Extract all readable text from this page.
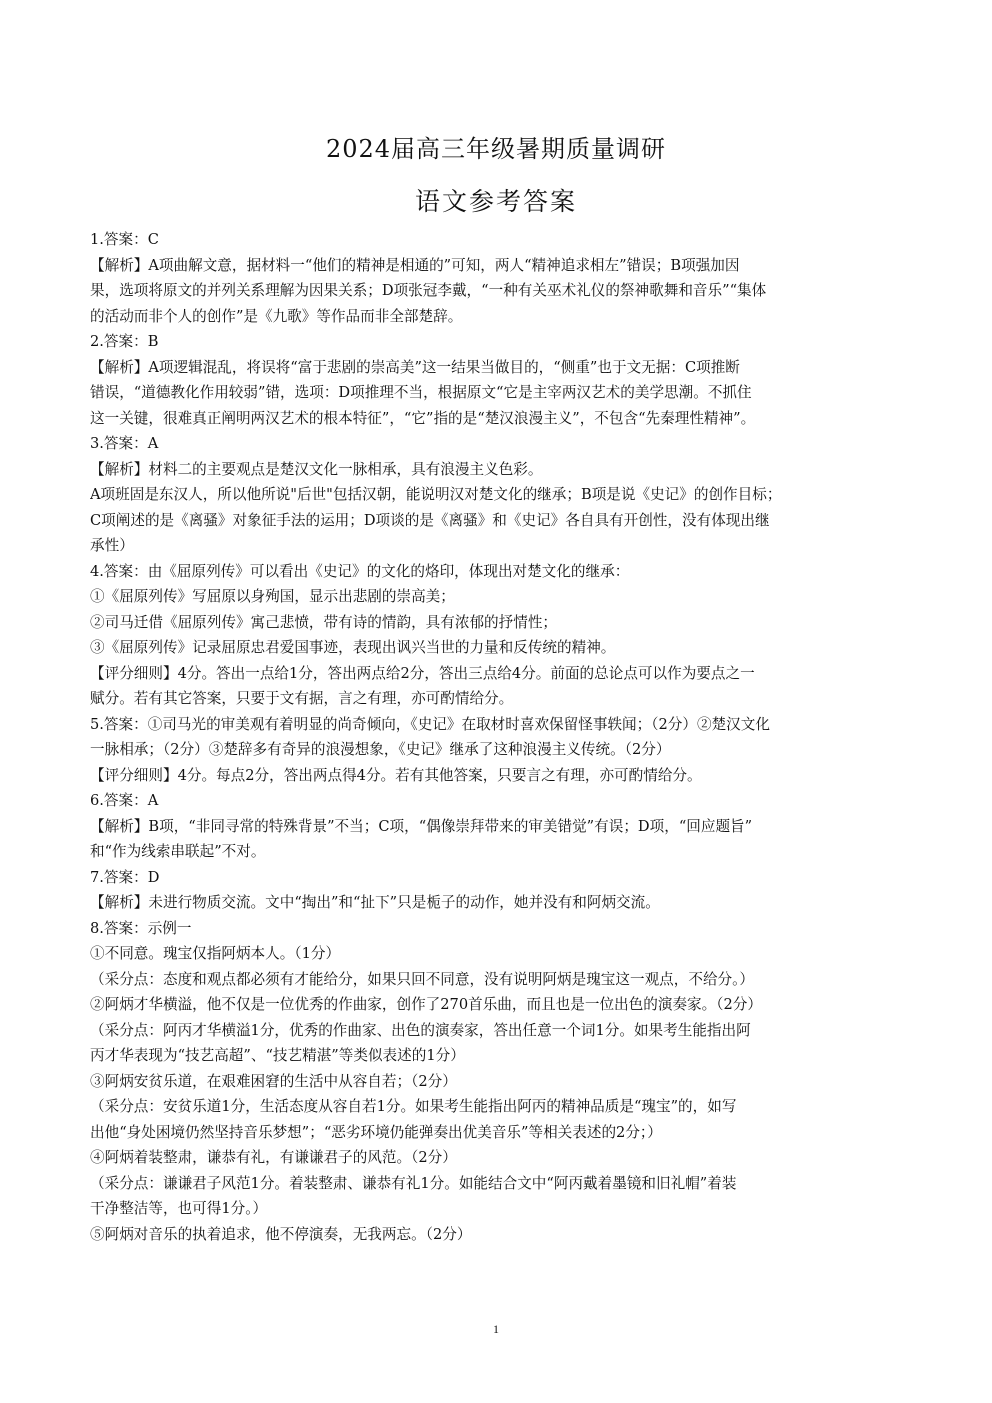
2024届高三年级暑期质量调研
语文参考答案
1.答案：C
【解析】A项曲解文意，据材料一“他们的精神是相通的”可知，两人“精神追求相左”错误；B项强加因
果，选项将原文的并列关系理解为因果关系；D项张冠李戴，“一种有关巫术礼仪的祭神歌舞和音乐”“集体
的活动而非个人的创作”是《九歌》等作品而非全部楚辞。
2.答案：B
【解析】A项逻辑混乱，将误将“富于悲剧的崇高美”这一结果当做目的，“侧重”也于文无据：C项推断
错误，“道德教化作用较弱”错，选项：D项推理不当，根据原文“它是主宰两汉艺术的美学思潮。不抓住
这一关键，很难真正阐明两汉艺术的根本特征”，“它”指的是“楚汉浪漫主义”，不包含“先秦理性精神”。
3.答案：A
【解析】材料二的主要观点是楚汉文化一脉相承，具有浪漫主义色彩。
A项班固是东汉人，所以他所说"后世"包括汉朝，能说明汉对楚文化的继承；B项是说《史记》的创作目标；
C项阐述的是《离骚》对象征手法的运用；D项谈的是《离骚》和《史记》各自具有开创性，没有体现出继
承性）
4.答案：由《屈原列传》可以看出《史记》的文化的烙印，体现出对楚文化的继承：
①《屈原列传》写屈原以身殉国，显示出悲剧的崇高美；
②司马迁借《屈原列传》寓己悲愤，带有诗的情韵，具有浓郁的抒情性；
③《屈原列传》记录屈原忠君爱国事迹，表现出讽兴当世的力量和反传统的精神。
【评分细则】4分。答出一点给1分，答出两点给2分，答出三点给4分。前面的总论点可以作为要点之一
赋分。若有其它答案，只要于文有据，言之有理，亦可酌情给分。
5.答案：①司马光的审美观有着明显的尚奇倾向，《史记》在取材时喜欢保留怪事轶闻；（2分）②楚汉文化
一脉相承；（2分）③楚辞多有奇异的浪漫想象，《史记》继承了这种浪漫主义传统。（2分）
【评分细则】4分。每点2分，答出两点得4分。若有其他答案，只要言之有理，亦可酌情给分。
6.答案：A
【解析】B项，“非同寻常的特殊背景”不当；C项，“偶像崇拜带来的审美错觉”有误；D项，“回应题旨”
和“作为线索串联起”不对。
7.答案：D
【解析】未进行物质交流。文中“掏出”和“扯下”只是栀子的动作，她并没有和阿炳交流。
8.答案：示例一
①不同意。瑰宝仅指阿炳本人。（1分）
（采分点：态度和观点都必须有才能给分，如果只回不同意，没有说明阿炳是瑰宝这一观点，不给分。）
②阿炳才华横溢，他不仅是一位优秀的作曲家，创作了270首乐曲，而且也是一位出色的演奏家。（2分）
（采分点：阿丙才华横溢1分，优秀的作曲家、出色的演奏家，答出任意一个词1分。如果考生能指出阿
丙才华表现为“技艺高超”、“技艺精湛”等类似表述的1分）
③阿炳安贫乐道，在艰难困窘的生活中从容自若；（2分）
（采分点：安贫乐道1分，生活态度从容自若1分。如果考生能指出阿丙的精神品质是“瑰宝”的，如写
出他“身处困境仍然坚持音乐梦想”；“恶劣环境仍能弹奏出优美音乐”等相关表述的2分；）
④阿炳着装整肃，谦恭有礼，有谦谦君子的风范。（2分）
（采分点：谦谦君子风范1分。着装整肃、谦恭有礼1分。如能结合文中“阿丙戴着墨镜和旧礼帽”着装
干净整洁等，也可得1分。）
⑤阿炳对音乐的执着追求，他不停演奏，无我两忘。（2分）
1
